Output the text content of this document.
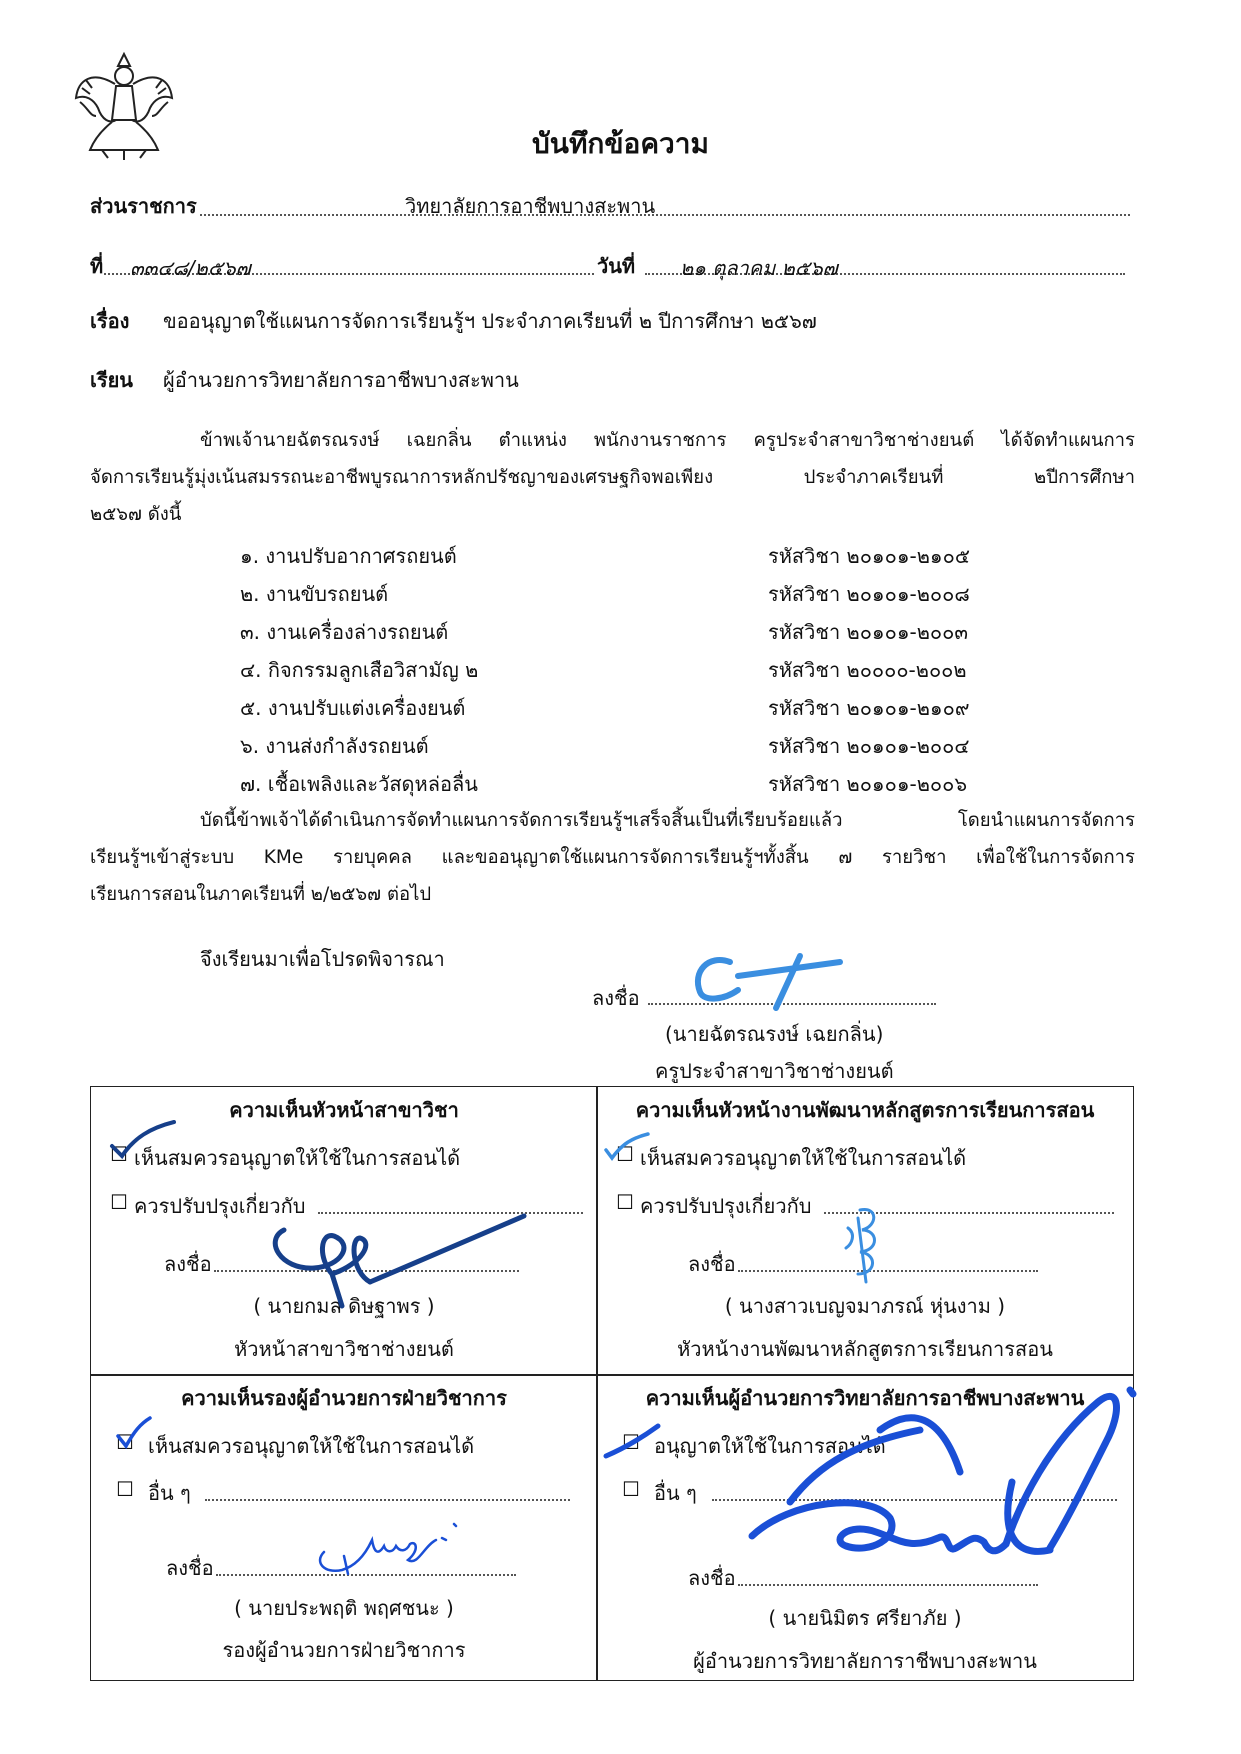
บันทึกข้อความ
ส่วนราชการ	วิทยาลัยการอาชีพบางสะพาน
ที่ ๓๓๔๘/๒๕๖๗	วันที่ ๒๑ ตุลาคม ๒๕๖๗
เรื่อง ขออนุญาตใช้แผนการจัดการเรียนรู้ฯ ประจำภาคเรียนที่ ๒ ปีการศึกษา ๒๕๖๗
เรียน ผู้อำนวยการวิทยาลัยการอาชีพบางสะพาน
ข้าพเจ้านายฉัตรณรงษ์ เฉยกลิ่น ตำแหน่ง พนักงานราชการ ครูประจำสาขาวิชาช่างยนต์ ได้จัดทำแผนการ
จัดการเรียนรู้มุ่งเน้นสมรรถนะอาชีพบูรณาการหลักปรัชญาของเศรษฐกิจพอเพียง ประจำภาคเรียนที่ ๒ปีการศึกษา
๒๕๖๗ ดังนี้
๑. งานปรับอากาศรถยนต์	รหัสวิชา ๒๐๑๐๑-๒๑๐๕
๒. งานขับรถยนต์	รหัสวิชา ๒๐๑๐๑-๒๐๐๘
๓. งานเครื่องล่างรถยนต์	รหัสวิชา ๒๐๑๐๑-๒๐๐๓
๔. กิจกรรมลูกเสือวิสามัญ ๒	รหัสวิชา ๒๐๐๐๐-๒๐๐๒
๕. งานปรับแต่งเครื่องยนต์	รหัสวิชา ๒๐๑๐๑-๒๑๐๙
๖. งานส่งกำลังรถยนต์	รหัสวิชา ๒๐๑๐๑-๒๐๐๔
๗. เชื้อเพลิงและวัสดุหล่อลื่น	รหัสวิชา ๒๐๑๐๑-๒๐๐๖
บัดนี้ข้าพเจ้าได้ดำเนินการจัดทำแผนการจัดการเรียนรู้ฯเสร็จสิ้นเป็นที่เรียบร้อยแล้ว โดยนำแผนการจัดการ
เรียนรู้ฯเข้าสู่ระบบ KMe รายบุคคล และขออนุญาตใช้แผนการจัดการเรียนรู้ฯทั้งสิ้น ๗ รายวิชา เพื่อใช้ในการจัดการ
เรียนการสอนในภาคเรียนที่ ๒/๒๕๖๗ ต่อไป
จึงเรียนมาเพื่อโปรดพิจารณา
ลงชื่อ
(นายฉัตรณรงษ์ เฉยกลิ่น)
ครูประจำสาขาวิชาช่างยนต์
ความเห็นหัวหน้าสาขาวิชา
☐ เห็นสมควรอนุญาตให้ใช้ในการสอนได้
☐ ควรปรับปรุงเกี่ยวกับ
ลงชื่อ
( นายกมล ดิษฐาพร )
หัวหน้าสาขาวิชาช่างยนต์
ความเห็นหัวหน้างานพัฒนาหลักสูตรการเรียนการสอน
☐ เห็นสมควรอนุญาตให้ใช้ในการสอนได้
☐ ควรปรับปรุงเกี่ยวกับ
ลงชื่อ
( นางสาวเบญจมาภรณ์ หุ่นงาม )
หัวหน้างานพัฒนาหลักสูตรการเรียนการสอน
ความเห็นรองผู้อำนวยการฝ่ายวิชาการ
☐ เห็นสมควรอนุญาตให้ใช้ในการสอนได้
☐ อื่น ๆ
ลงชื่อ
( นายประพฤติ พฤศชนะ )
รองผู้อำนวยการฝ่ายวิชาการ
ความเห็นผู้อำนวยการวิทยาลัยการอาชีพบางสะพาน
☐ อนุญาตให้ใช้ในการสอนได้
☐ อื่น ๆ
ลงชื่อ
( นายนิมิตร ศรียาภัย )
ผู้อำนวยการวิทยาลัยการาชีพบางสะพาน
